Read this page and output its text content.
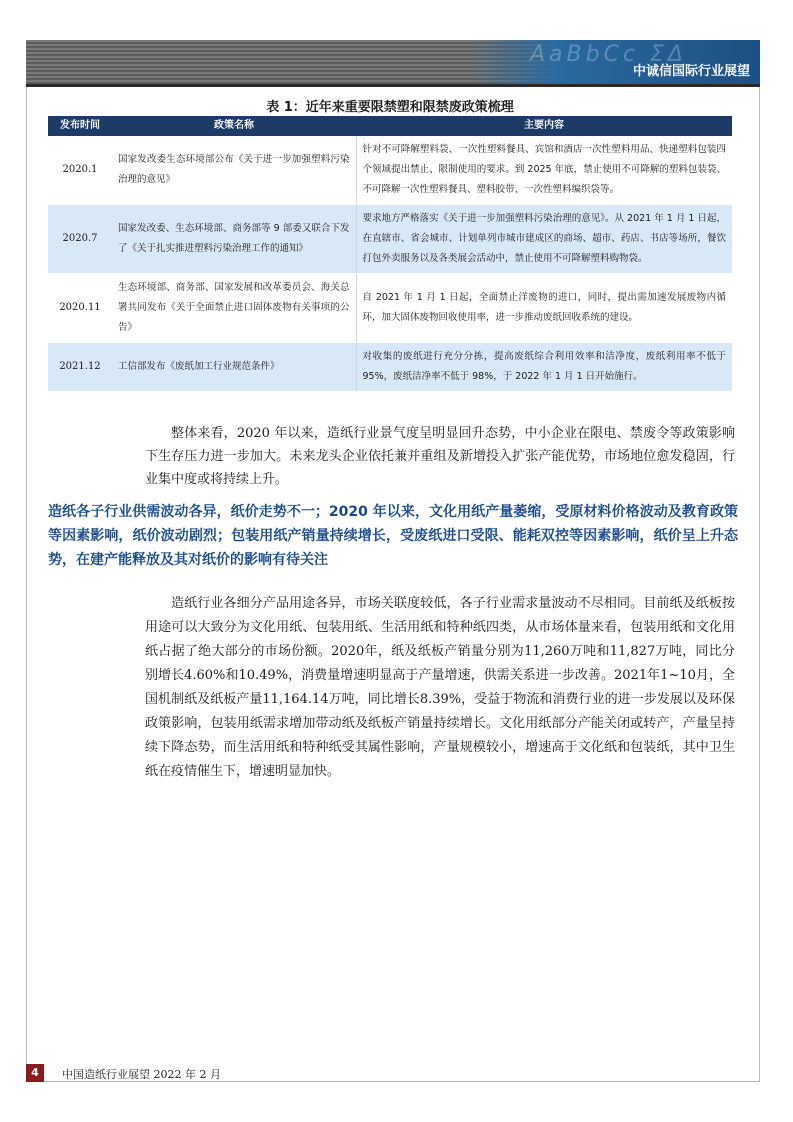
AaBbCc ΣΔ
中诚信国际行业展望
表 1：近年来重要限禁塑和限禁废政策梳理
发布时间	政策名称	主要内容
2020.1	国家发改委生态环境部公布《关于进一步加强塑料污染治理的意见》	针对不可降解塑料袋、一次性塑料餐具、宾馆和酒店一次性塑料用品、快递塑料包装四个领域提出禁止、限制使用的要求。到 2025 年底，禁止使用不可降解的塑料包装袋、不可降解一次性塑料餐具、塑料胶带、一次性塑料编织袋等。
2020.7	国家发改委、生态环境部、商务部等 9 部委又联合下发了《关于扎实推进塑料污染治理工作的通知》	要求地方严格落实《关于进一步加强塑料污染治理的意见》。从 2021 年 1 月 1 日起，在直辖市、省会城市、计划单列市城市建成区的商场、超市、药店、书店等场所，餐饮打包外卖服务以及各类展会活动中，禁止使用不可降解塑料购物袋。
2020.11	生态环境部、商务部、国家发展和改革委员会、海关总署共同发布《关于全面禁止进口固体废物有关事项的公告》	自 2021 年 1 月 1 日起，全面禁止洋废物的进口，同时，提出需加速发展废物内循环，加大固体废物回收使用率，进一步推动废纸回收系统的建设。
2021.12	工信部发布《废纸加工行业规范条件》	对收集的废纸进行充分分拣，提高废纸综合利用效率和洁净度，废纸利用率不低于 95%，废纸洁净率不低于 98%，于 2022 年 1 月 1 日开始施行。
整体来看，2020 年以来，造纸行业景气度呈明显回升态势，中小企业在限电、禁废令等政策影响下生存压力进一步加大。未来龙头企业依托兼并重组及新增投入扩张产能优势，市场地位愈发稳固，行业集中度或将持续上升。
造纸各子行业供需波动各异，纸价走势不一；2020 年以来，文化用纸产量萎缩，受原材料价格波动及教育政策等因素影响，纸价波动剧烈；包装用纸产销量持续增长，受废纸进口受限、能耗双控等因素影响，纸价呈上升态势，在建产能释放及其对纸价的影响有待关注
造纸行业各细分产品用途各异，市场关联度较低，各子行业需求量波动不尽相同。目前纸及纸板按用途可以大致分为文化用纸、包装用纸、生活用纸和特种纸四类，从市场体量来看，包装用纸和文化用纸占据了绝大部分的市场份额。2020年，纸及纸板产销量分别为11,260万吨和11,827万吨，同比分别增长4.60%和10.49%，消费量增速明显高于产量增速，供需关系进一步改善。2021年1~10月，全国机制纸及纸板产量11,164.14万吨，同比增长8.39%，受益于物流和消费行业的进一步发展以及环保政策影响，包装用纸需求增加带动纸及纸板产销量持续增长。文化用纸部分产能关闭或转产，产量呈持续下降态势，而生活用纸和特种纸受其属性影响，产量规模较小，增速高于文化纸和包装纸，其中卫生纸在疫情催生下，增速明显加快。
4	中国造纸行业展望 2022 年 2 月
